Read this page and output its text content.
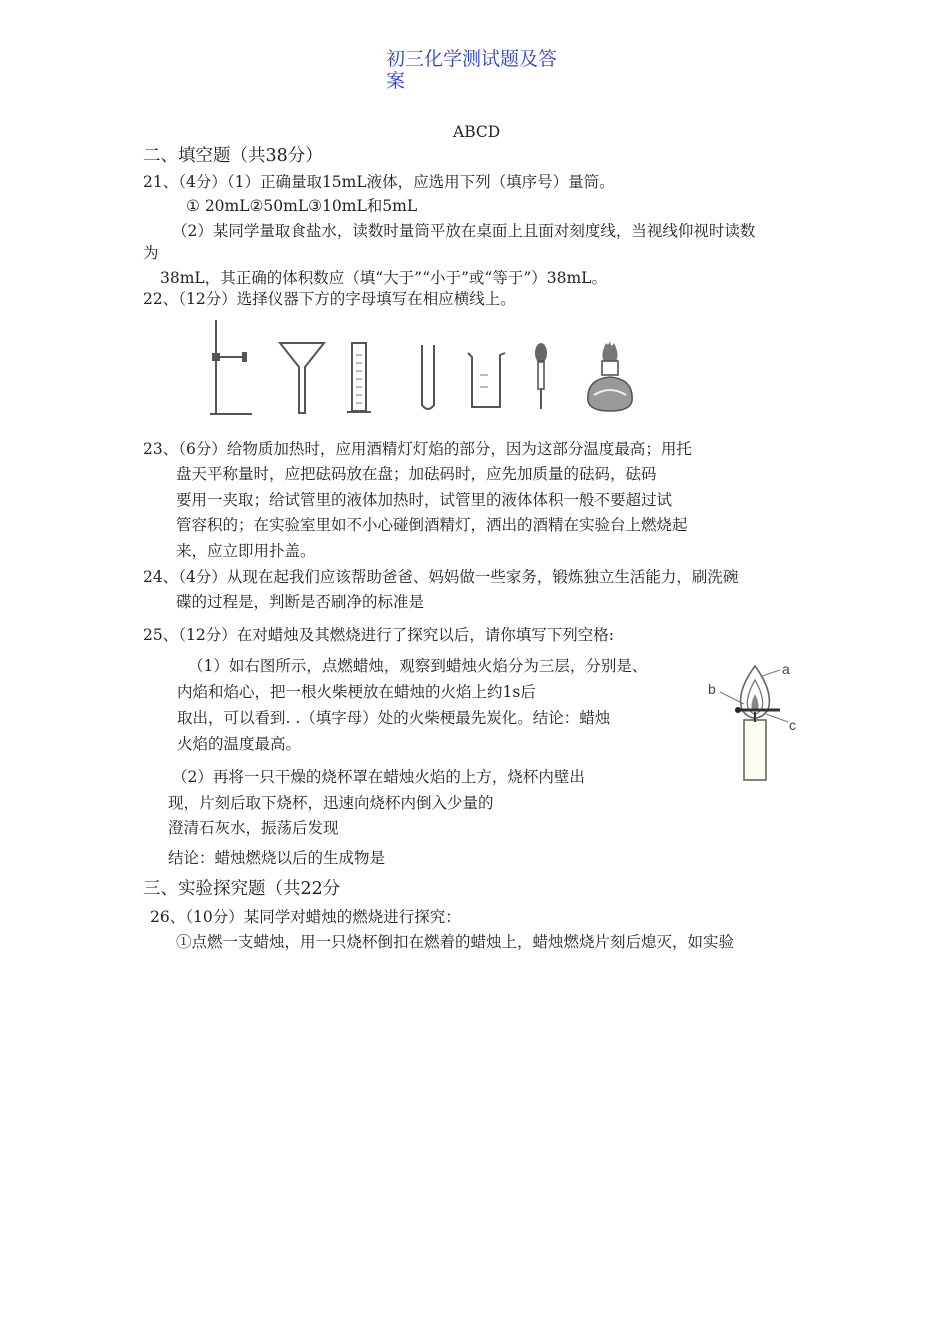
初三化学测试题及答
案
ABCD
二、填空题（共38分）
21、（4分）（1）正确量取15mL液体，应选用下列（填序号）量筒。
① 20mL②50mL③10mL和5mL
（2）某同学量取食盐水，读数时量筒平放在桌面上且面对刻度线，当视线仰视时读数
为
38mL，其正确的体积数应（填“大于”“小于”或“等于”）38mL。
22、（12分）选择仪器下方的字母填写在相应横线上。
23、（6分）给物质加热时，应用酒精灯灯焰的部分，因为这部分温度最高；用托
盘天平称量时，应把砝码放在盘；加砝码时，应先加质量的砝码，砝码
要用一夹取；给试管里的液体加热时，试管里的液体体积一般不要超过试
管容积的；在实验室里如不小心碰倒酒精灯，洒出的酒精在实验台上燃烧起
来，应立即用扑盖。
24、（4分）从现在起我们应该帮助爸爸、妈妈做一些家务，锻炼独立生活能力，刷洗碗
碟的过程是，判断是否刷净的标准是
25、（12分）在对蜡烛及其燃烧进行了探究以后，请你填写下列空格:
（1）如右图所示，点燃蜡烛，观察到蜡烛火焰分为三层，分别是、
内焰和焰心，把一根火柴梗放在蜡烛的火焰上约1s后
取出，可以看到. .（填字母）处的火柴梗最先炭化。结论：蜡烛
火焰的温度最高。
a
b
c
（2）再将一只干燥的烧杯罩在蜡烛火焰的上方，烧杯内壁出
现，片刻后取下烧杯，迅速向烧杯内倒入少量的
澄清石灰水，振荡后发现
结论：蜡烛燃烧以后的生成物是
三、实验探究题（共22分
26、（10分）某同学对蜡烛的燃烧进行探究：
①点燃一支蜡烛，用一只烧杯倒扣在燃着的蜡烛上，蜡烛燃烧片刻后熄灭，如实验
